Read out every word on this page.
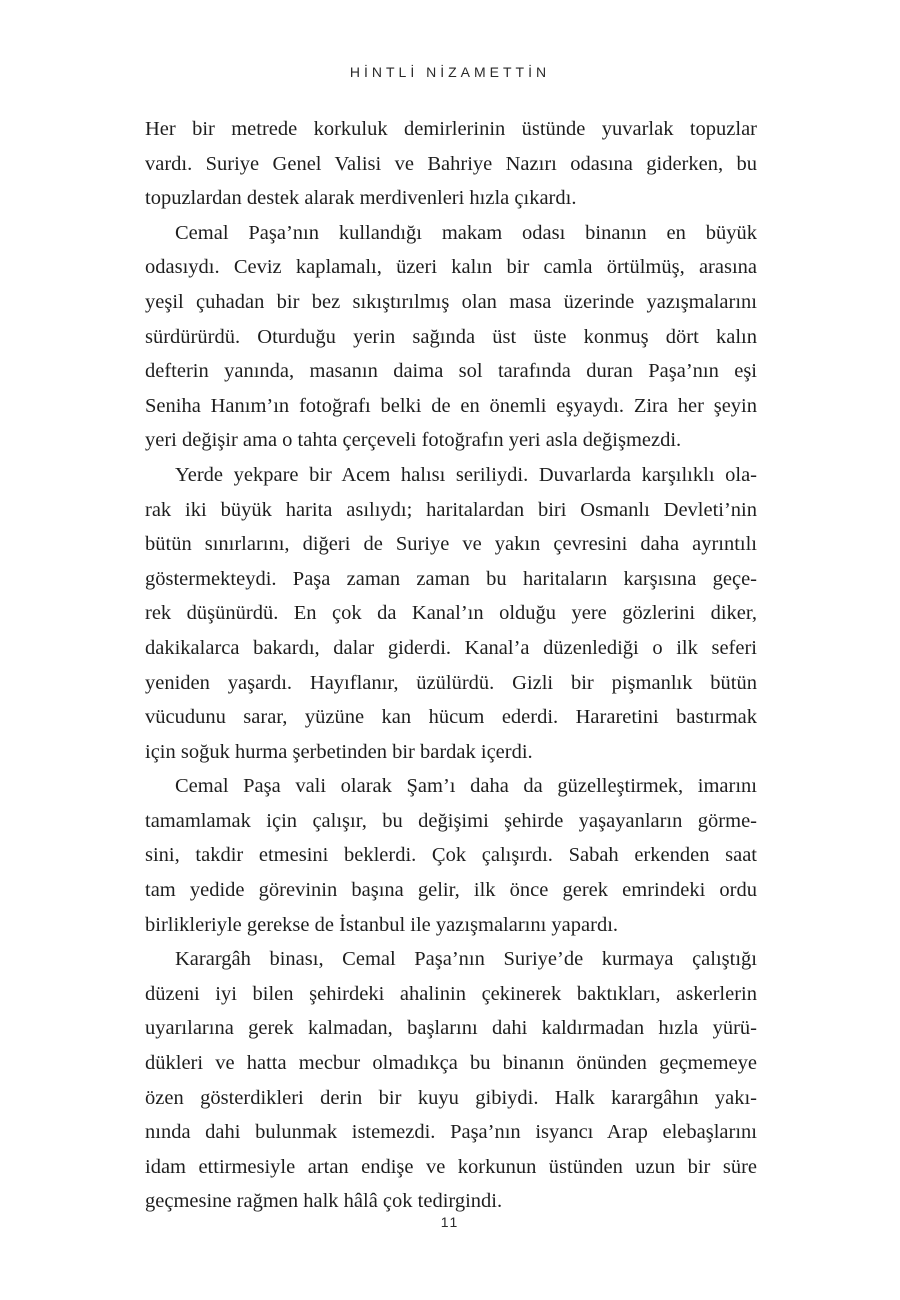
HİNTLİ NİZAMETTİN

Her bir metrede korkuluk demirlerinin üstünde yuvarlak topuzlar
vardı. Suriye Genel Valisi ve Bahriye Nazırı odasına giderken, bu
topuzlardan destek alarak merdivenleri hızla çıkardı.

Cemal Paşa’nın kullandığı makam odası binanın en büyük
odasıydı. Ceviz kaplamalı, üzeri kalın bir camla örtülmüş, arasına
yeşil çuhadan bir bez sıkıştırılmış olan masa üzerinde yazışmalarını
sürdürürdü. Oturduğu yerin sağında üst üste konmuş dört kalın
defterin yanında, masanın daima sol tarafında duran Paşa’nın eşi
Seniha Hanım’ın fotoğrafı belki de en önemli eşyaydı. Zira her şeyin
yeri değişir ama o tahta çerçeveli fotoğrafın yeri asla değişmezdi.

Yerde yekpare bir Acem halısı seriliydi. Duvarlarda karşılıklı ola-
rak iki büyük harita asılıydı; haritalardan biri Osmanlı Devleti’nin
bütün sınırlarını, diğeri de Suriye ve yakın çevresini daha ayrıntılı
göstermekteydi. Paşa zaman zaman bu haritaların karşısına geçe-
rek düşünürdü. En çok da Kanal’ın olduğu yere gözlerini diker,
dakikalarca bakardı, dalar giderdi. Kanal’a düzenlediği o ilk seferi
yeniden yaşardı. Hayıflanır, üzülürdü. Gizli bir pişmanlık bütün
vücudunu sarar, yüzüne kan hücum ederdi. Hararetini bastırmak
için soğuk hurma şerbetinden bir bardak içerdi.

Cemal Paşa vali olarak Şam’ı daha da güzelleştirmek, imarını
tamamlamak için çalışır, bu değişimi şehirde yaşayanların görme-
sini, takdir etmesini beklerdi. Çok çalışırdı. Sabah erkenden saat
tam yedide görevinin başına gelir, ilk önce gerek emrindeki ordu
birlikleriyle gerekse de İstanbul ile yazışmalarını yapardı.

Karargâh binası, Cemal Paşa’nın Suriye’de kurmaya çalıştığı
düzeni iyi bilen şehirdeki ahalinin çekinerek baktıkları, askerlerin
uyarılarına gerek kalmadan, başlarını dahi kaldırmadan hızla yürü-
dükleri ve hatta mecbur olmadıkça bu binanın önünden geçmemeye
özen gösterdikleri derin bir kuyu gibiydi. Halk karargâhın yakı-
nında dahi bulunmak istemezdi. Paşa’nın isyancı Arap elebaşlarını
idam ettirmesiyle artan endişe ve korkunun üstünden uzun bir süre
geçmesine rağmen halk hâlâ çok tedirgindi.

11
